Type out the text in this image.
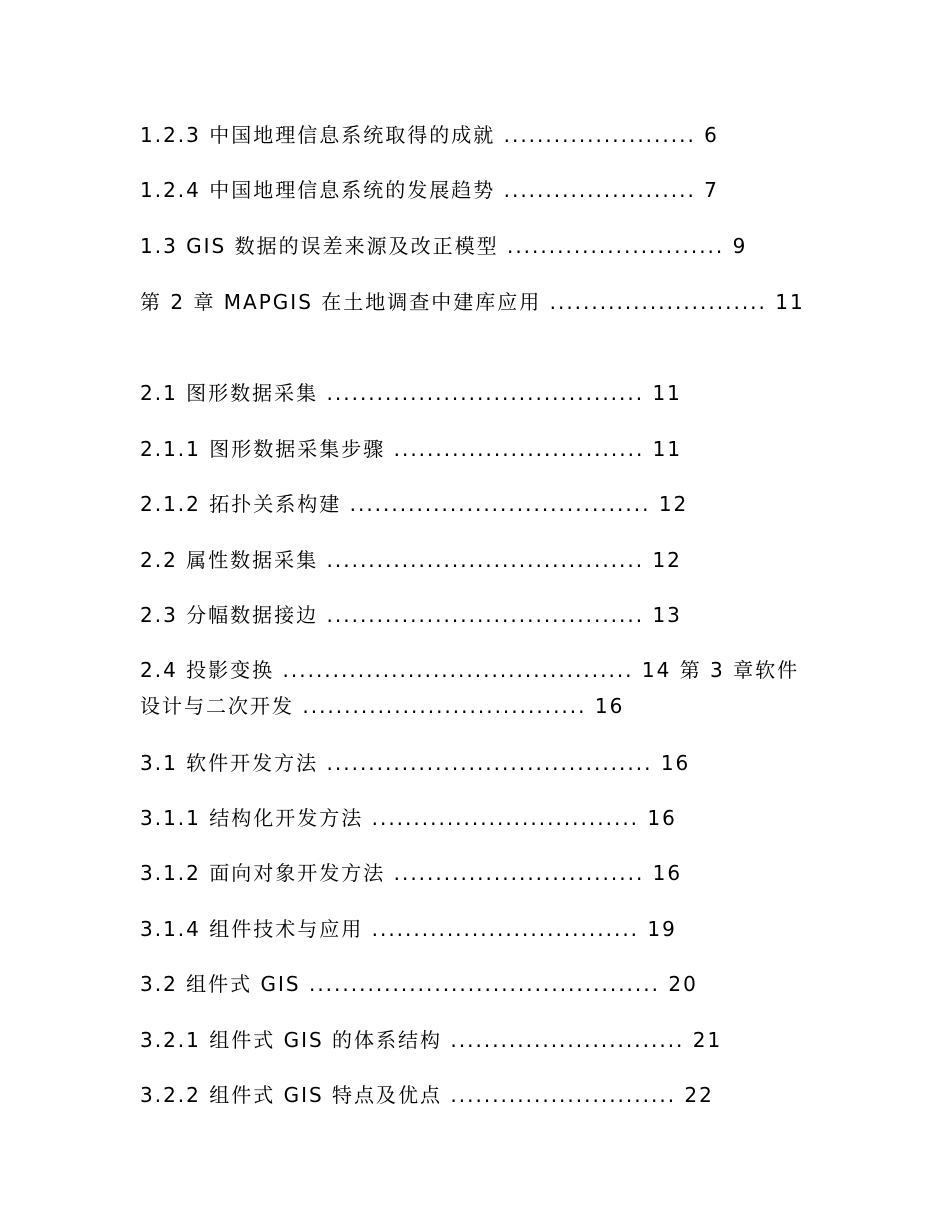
1.2.3 中国地理信息系统取得的成就 ....................... 6
1.2.4 中国地理信息系统的发展趋势 ....................... 7
1.3 GIS 数据的误差来源及改正模型 .......................... 9
第 2 章 MAPGIS 在土地调查中建库应用 .......................... 11
2.1 图形数据采集 ...................................... 11
2.1.1 图形数据采集步骤 .............................. 11
2.1.2 拓扑关系构建 .................................... 12
2.2 属性数据采集 ...................................... 12
2.3 分幅数据接边 ...................................... 13
2.4 投影变换 .......................................... 14 第 3 章软件设计与二次开发 .................................. 16
3.1 软件开发方法 ....................................... 16
3.1.1 结构化开发方法 ................................ 16
3.1.2 面向对象开发方法 .............................. 16
3.1.4 组件技术与应用 ................................ 19
3.2 组件式 GIS .......................................... 20
3.2.1 组件式 GIS 的体系结构 ............................ 21
3.2.2 组件式 GIS 特点及优点 ........................... 22
